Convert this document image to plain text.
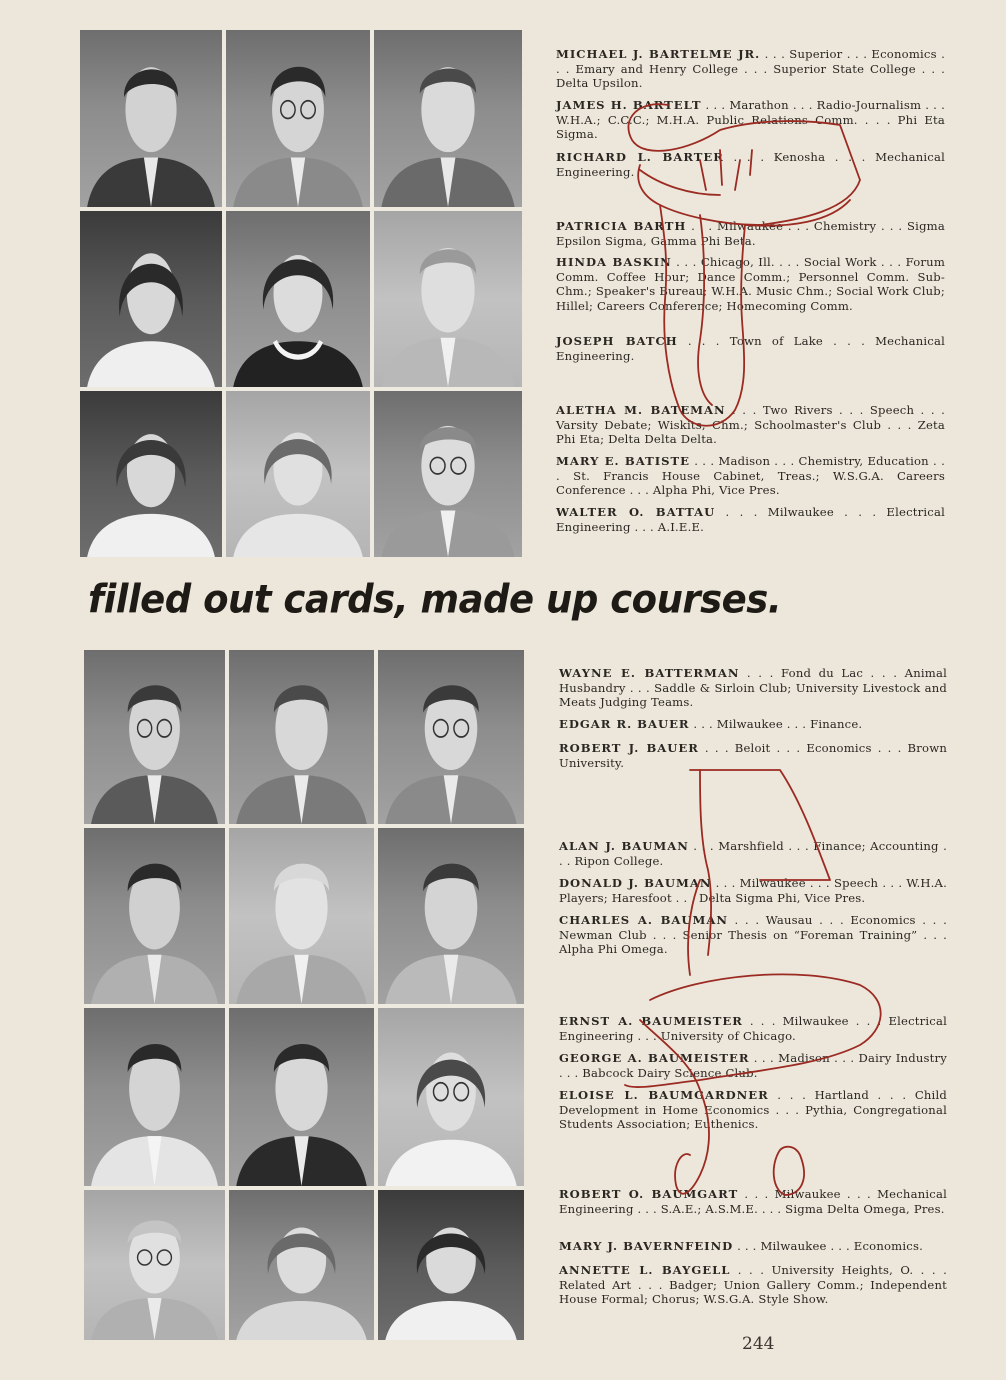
MICHAEL J. BARTELME JR. . . . Superior . . . Economics . . . Emary and Henry College . . . Superior State College . . . Delta Upsilon.
JAMES H. BARTELT . . . Marathon . . . Radio-Journalism . . . W.H.A.; C.C.C.; M.H.A. Public Relations Comm. . . . Phi Eta Sigma.
RICHARD L. BARTER . . . Kenosha . . . Mechanical Engineering.
PATRICIA BARTH . . . Milwaukee . . . Chemistry . . . Sigma Epsilon Sigma, Gamma Phi Beta.
HINDA BASKIN . . . Chicago, Ill. . . . Social Work . . . Forum Comm. Coffee Hour; Dance Comm.; Personnel Comm. Sub-Chm.; Speaker's Bureau; W.H.A. Music Chm.; Social Work Club; Hillel; Careers Conference; Homecoming Comm.
JOSEPH BATCH . . . Town of Lake . . . Mechanical Engineering.
ALETHA M. BATEMAN . . . Two Rivers . . . Speech . . . Varsity Debate; Wiskits, Chm.; Schoolmaster's Club . . . Zeta Phi Eta; Delta Delta Delta.
MARY E. BATISTE . . . Madison . . . Chemistry, Education . . . St. Francis House Cabinet, Treas.; W.S.G.A. Careers Conference . . . Alpha Phi, Vice Pres.
WALTER O. BATTAU . . . Milwaukee . . . Electrical Engineering . . . A.I.E.E.
filled out cards, made up courses.
WAYNE E. BATTERMAN . . . Fond du Lac . . . Animal Husbandry . . . Saddle & Sirloin Club; University Livestock and Meats Judging Teams.
EDGAR R. BAUER . . . Milwaukee . . . Finance.
ROBERT J. BAUER . . . Beloit . . . Economics . . . Brown University.
ALAN J. BAUMAN . . . Marshfield . . . Finance; Accounting . . . Ripon College.
DONALD J. BAUMAN . . . Milwaukee . . . Speech . . . W.H.A. Players; Haresfoot . . . Delta Sigma Phi, Vice Pres.
CHARLES A. BAUMAN . . . Wausau . . . Economics . . . Newman Club . . . Senior Thesis on “Foreman Training” . . . Alpha Phi Omega.
ERNST A. BAUMEISTER . . . Milwaukee . . . Electrical Engineering . . . University of Chicago.
GEORGE A. BAUMEISTER . . . Madison . . . Dairy Industry . . . Babcock Dairy Science Club.
ELOISE L. BAUMGARDNER . . . Hartland . . . Child Development in Home Economics . . . Pythia, Congregational Students Association; Euthenics.
ROBERT O. BAUMGART . . . Milwaukee . . . Mechanical Engineering . . . S.A.E.; A.S.M.E. . . . Sigma Delta Omega, Pres.
MARY J. BAVERNFEIND . . . Milwaukee . . . Economics.
ANNETTE L. BAYGELL . . . University Heights, O. . . . Related Art . . . Badger; Union Gallery Comm.; Independent House Formal; Chorus; W.S.G.A. Style Show.
244
